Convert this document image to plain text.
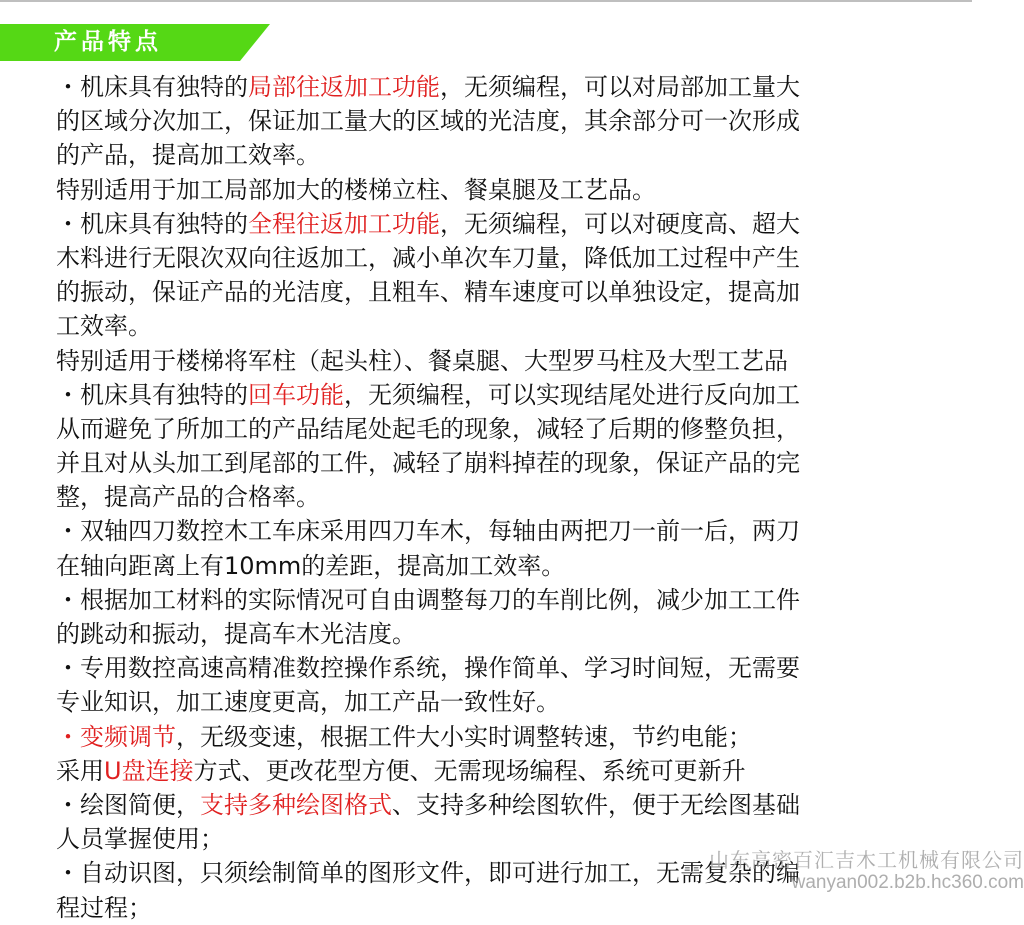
产品特点
・机床具有独特的局部往返加工功能，无须编程，可以对局部加工量大
的区域分次加工，保证加工量大的区域的光洁度，其余部分可一次形成
的产品，提高加工效率。
特别适用于加工局部加大的楼梯立柱、餐桌腿及工艺品。
・机床具有独特的全程往返加工功能，无须编程，可以对硬度高、超大
木料进行无限次双向往返加工，减小单次车刀量，降低加工过程中产生
的振动，保证产品的光洁度，且粗车、精车速度可以单独设定，提高加
工效率。
特别适用于楼梯将军柱（起头柱）、餐桌腿、大型罗马柱及大型工艺品
・机床具有独特的回车功能，无须编程，可以实现结尾处进行反向加工
从而避免了所加工的产品结尾处起毛的现象，减轻了后期的修整负担，
并且对从头加工到尾部的工件，减轻了崩料掉茬的现象，保证产品的完
整，提高产品的合格率。
・双轴四刀数控木工车床采用四刀车木，每轴由两把刀一前一后，两刀
在轴向距离上有10mm的差距，提高加工效率。
・根据加工材料的实际情况可自由调整每刀的车削比例，减少加工工件
的跳动和振动，提高车木光洁度。
・专用数控高速高精准数控操作系统，操作简单、学习时间短，无需要
专业知识，加工速度更高，加工产品一致性好。
・变频调节，无级变速，根据工件大小实时调整转速，节约电能；
采用U盘连接方式、更改花型方便、无需现场编程、系统可更新升
・绘图简便，支持多种绘图格式、支持多种绘图软件，便于无绘图基础
人员掌握使用；
・自动识图，只须绘制简单的图形文件，即可进行加工，无需复杂的编
程过程；
山东高密百汇吉木工机械有限公司
wanyan002.b2b.hc360.com
